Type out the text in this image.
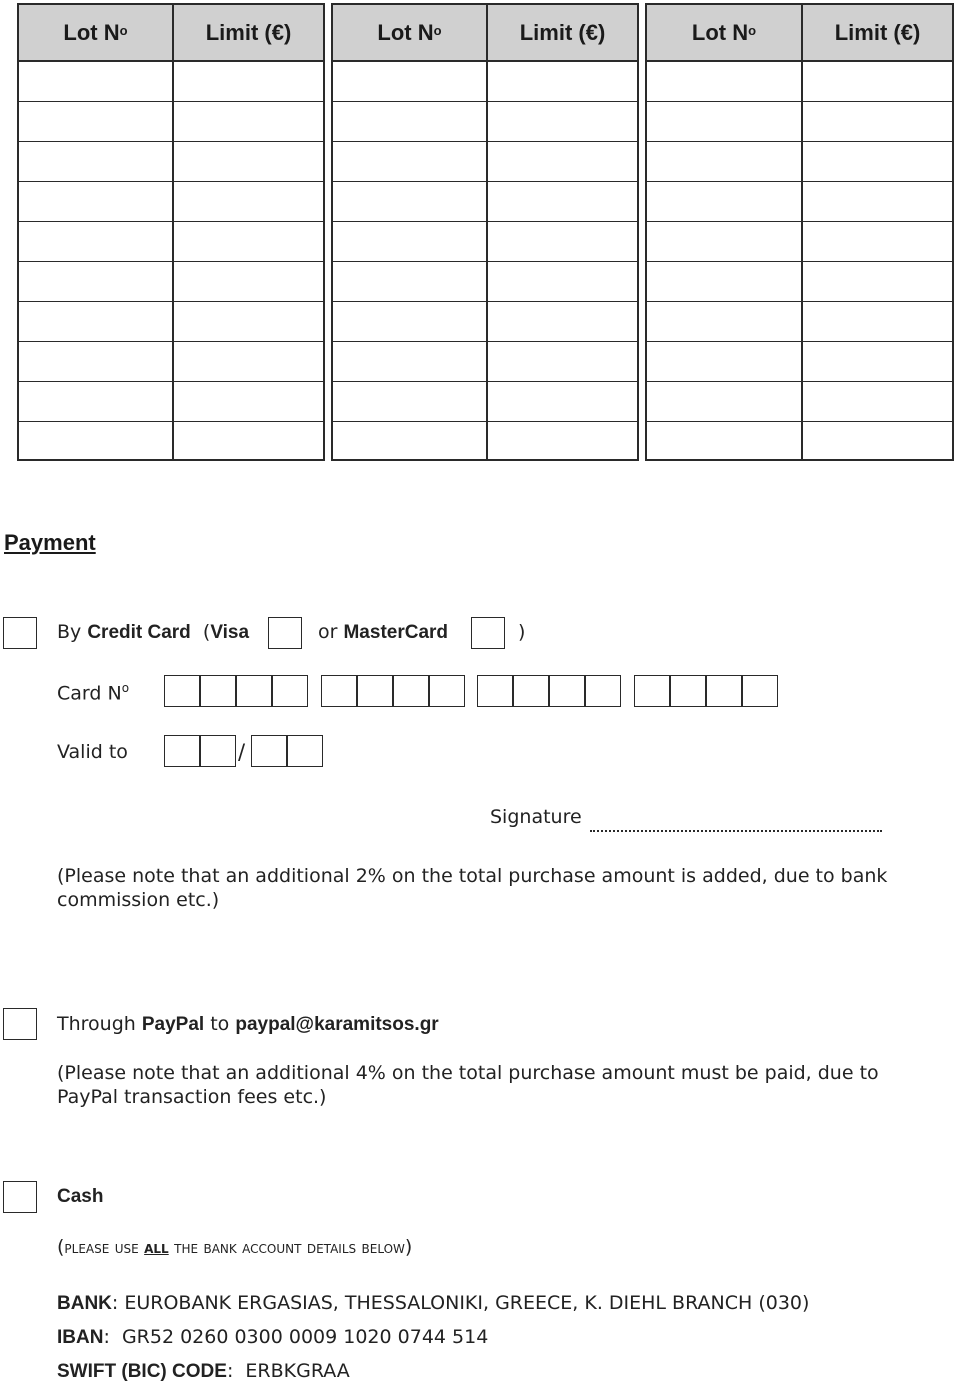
Lot $N^o$	Limit (€)	Lot $N^o$	Limit (€)	Lot $N^o$	Limit (€)
Payment
By Credit Card (Visa	or MasterCard	)
Card $N^o$
Valid to	/
Signature
(Please note that an additional 2% on the total purchase amount is added, due to bank commission etc.)
Through PayPal to paypal@karamitsos.gr
(Please note that an additional 4% on the total purchase amount must be paid, due to PayPal transaction fees etc.)
Cash
(please use all the bank account details below)
BANK: EUROBANK ERGASIAS, THESSALONIKI, GREECE, K. DIEHL BRANCH (030)
IBAN:  GR52 0260 0300 0009 1020 0744 514
SWIFT (BIC) CODE:  ERBKGRAA
